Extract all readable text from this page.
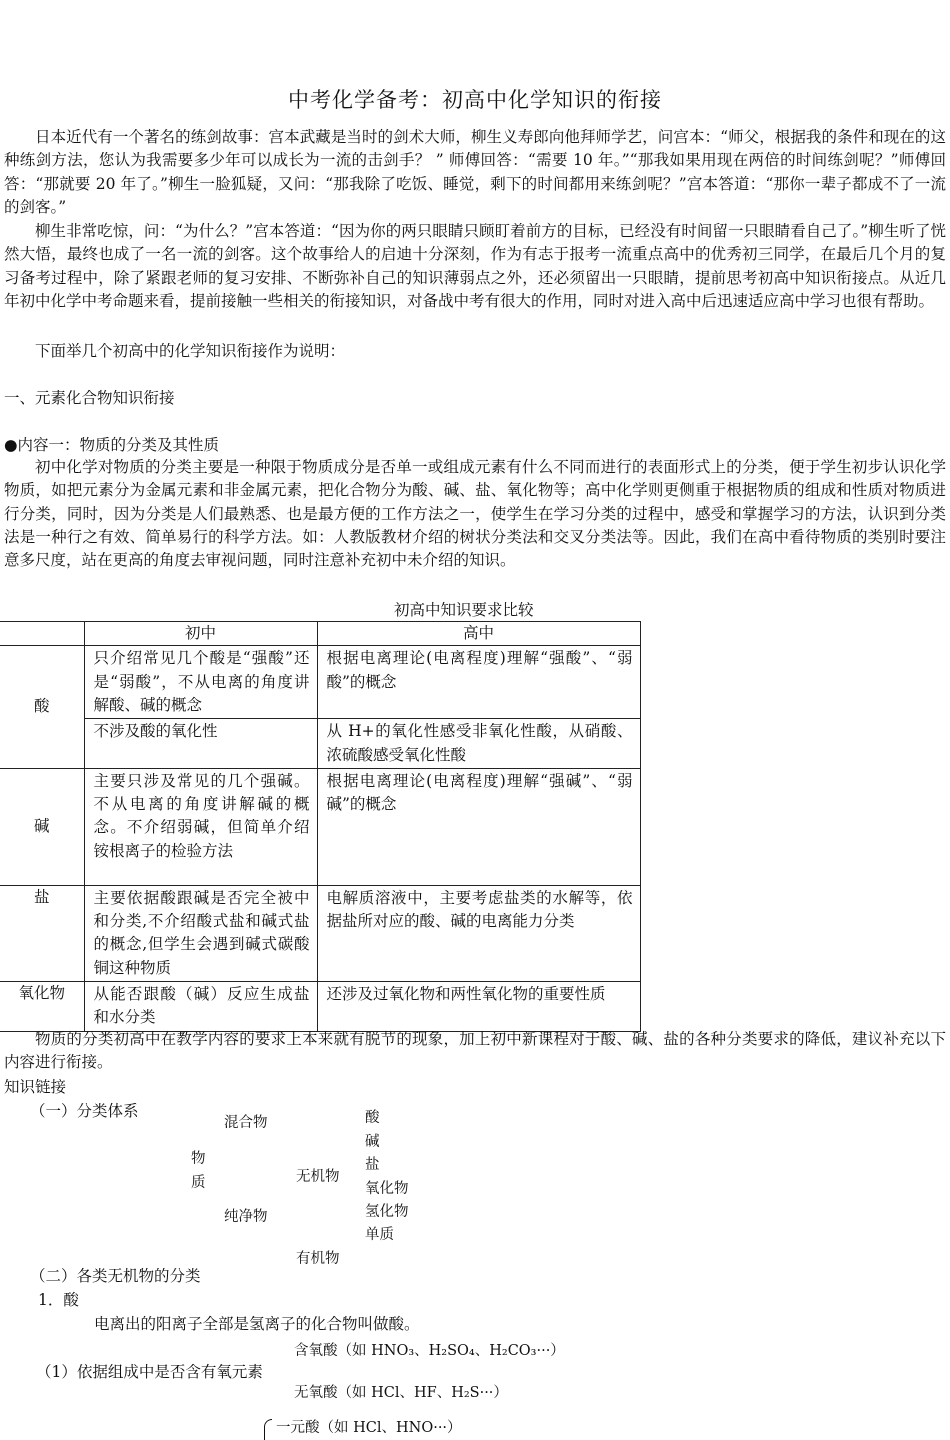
中考化学备考：初高中化学知识的衔接
日本近代有一个著名的练剑故事：宫本武藏是当时的剑术大师，柳生义寿郎向他拜师学艺，问宫本：“师父，根据我的条件和现在的这种练剑方法，您认为我需要多少年可以成长为一流的击剑手？ ” 师傅回答：“需要 10 年。”“那我如果用现在两倍的时间练剑呢？”师傅回答：“那就要 20 年了。”柳生一脸狐疑，又问：“那我除了吃饭、睡觉，剩下的时间都用来练剑呢？”宫本答道：“那你一辈子都成不了一流的剑客。”
柳生非常吃惊，问：“为什么？”宫本答道：“因为你的两只眼睛只顾盯着前方的目标，已经没有时间留一只眼睛看自己了。”柳生听了恍然大悟，最终也成了一名一流的剑客。这个故事给人的启迪十分深刻，作为有志于报考一流重点高中的优秀初三同学，在最后几个月的复习备考过程中，除了紧跟老师的复习安排、不断弥补自己的知识薄弱点之外，还必须留出一只眼睛，提前思考初高中知识衔接点。从近几年初中化学中考命题来看，提前接触一些相关的衔接知识，对备战中考有很大的作用，同时对进入高中后迅速适应高中学习也很有帮助。
下面举几个初高中的化学知识衔接作为说明：
一、元素化合物知识衔接
●内容一：物质的分类及其性质
初中化学对物质的分类主要是一种限于物质成分是否单一或组成元素有什么不同而进行的表面形式上的分类，便于学生初步认识化学物质，如把元素分为金属元素和非金属元素，把化合物分为酸、碱、盐、氧化物等；高中化学则更侧重于根据物质的组成和性质对物质进行分类，同时，因为分类是人们最熟悉、也是最方便的工作方法之一，使学生在学习分类的过程中，感受和掌握学习的方法，认识到分类法是一种行之有效、简单易行的科学方法。如：人教版教材介绍的树状分类法和交叉分类法等。因此，我们在高中看待物质的类别时要注意多尺度，站在更高的角度去审视问题，同时注意补充初中未介绍的知识。
初高中知识要求比较
	初中	高中
酸	只介绍常见几个酸是“强酸”还是“弱酸”，不从电离的角度讲解酸、碱的概念	根据电离理论(电离程度)理解“强酸”、“弱酸”的概念
	不涉及酸的氧化性	从 H+的氧化性感受非氧化性酸，从硝酸、浓硫酸感受氧化性酸
碱	主要只涉及常见的几个强碱。不从电离的角度讲解碱的概念。不介绍弱碱，但简单介绍铵根离子的检验方法	根据电离理论(电离程度)理解“强碱”、“弱碱”的概念
盐	主要依据酸跟碱是否完全被中和分类,不介绍酸式盐和碱式盐的概念,但学生会遇到碱式碳酸铜这种物质	电解质溶液中，主要考虑盐类的水解等，依据盐所对应的酸、碱的电离能力分类
氧化物	从能否跟酸（碱）反应生成盐和水分类	还涉及过氧化物和两性氧化物的重要性质
物质的分类初高中在教学内容的要求上本来就有脱节的现象，加上初中新课程对于酸、碱、盐的各种分类要求的降低，建议补充以下内容进行衔接。
知识链接
（一）分类体系
物
质
混合物
纯净物
无机物
有机物
酸
碱
盐
氧化物
氢化物
单质
（二）各类无机物的分类
1．酸
电离出的阳离子全部是氢离子的化合物叫做酸。
含氧酸（如 HNO₃、H₂SO₄、H₂CO₃···）
（1）依据组成中是否含有氧元素
无氧酸（如 HCl、HF、H₂S···）
一元酸（如 HCl、HNO···）
